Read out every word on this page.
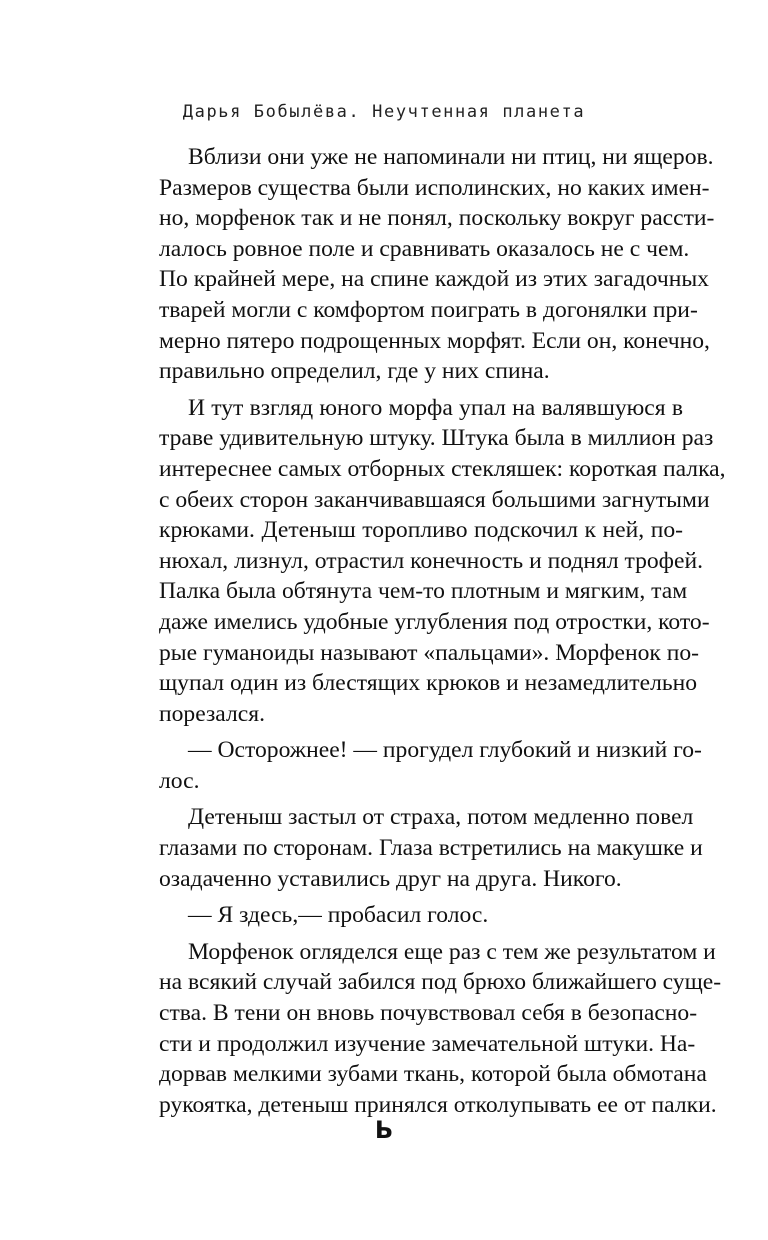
Дарья Бобылёва. Неучтенная планета
Вблизи они уже не напоминали ни птиц, ни ящеров.
Размеров существа были исполинских, но каких имен-
но, морфенок так и не понял, поскольку вокруг рассти-
лалось ровное поле и сравнивать оказалось не с чем.
По крайней мере, на спине каждой из этих загадочных
тварей могли с комфортом поиграть в догонялки при-
мерно пятеро подрощенных морфят. Если он, конечно,
правильно определил, где у них спина.
И тут взгляд юного морфа упал на валявшуюся в
траве удивительную штуку. Штука была в миллион раз
интереснее самых отборных стекляшек: короткая палка,
с обеих сторон заканчивавшаяся большими загнутыми
крюками. Детеныш торопливо подскочил к ней, по-
нюхал, лизнул, отрастил конечность и поднял трофей.
Палка была обтянута чем-то плотным и мягким, там
даже имелись удобные углубления под отростки, кото-
рые гуманоиды называют «пальцами». Морфенок по-
щупал один из блестящих крюков и незамедлительно
порезался.
— Осторожнее! — прогудел глубокий и низкий го-
лос.
Детеныш застыл от страха, потом медленно повел
глазами по сторонам. Глаза встретились на макушке и
озадаченно уставились друг на друга. Никого.
— Я здесь,— пробасил голос.
Морфенок огляделся еще раз с тем же результатом и
на всякий случай забился под брюхо ближайшего суще-
ства. В тени он вновь почувствовал себя в безопасно-
сти и продолжил изучение замечательной штуки. На-
дорвав мелкими зубами ткань, которой была обмотана
рукоятка, детеныш принялся отколупывать ее от палки.
Ь
